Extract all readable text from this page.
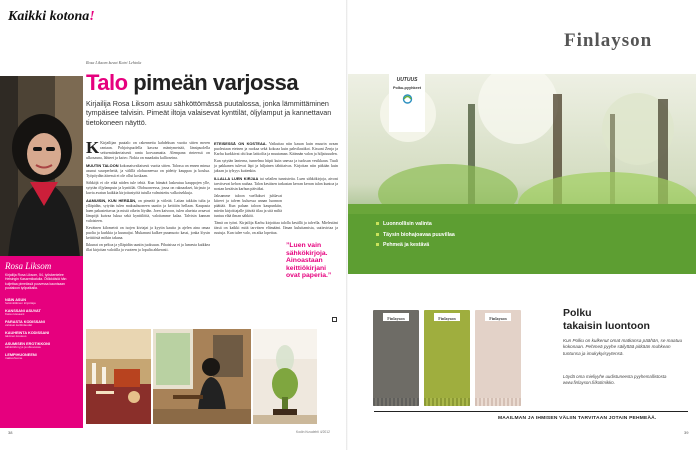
Kaikki kotona!
Rosa Liksom kuvat Katri Lehtola
Talo pimeän varjossa
Kirjailija Rosa Liksom asuu sähköttömässä puutalossa, jonka lämmittäminen tympäisee talvisin. Pimeät iltoja valaisevat kynttilät, öljylamput ja kannettavan tietokoneen näyttö.
Rosa Liksom
Kirjailija Rosa Liksom, 54, työskentelee Helsingin Kasarmikatulla. Ötökkäisiä hän kuljettaa pimeässä puuvessa kaunisaan puutaloon työpaikalla.
NÄIN ASUN
helsinkiläinen kirjoittaja
KANSSANI ASUVAT
Katsu kissaani
PARASTA KODISSANI
valoisat keittiölaudat
KAUHEINTA KODISSANI
talvinen kosteus
ASUMISEN EROTIKKONI
sähköttömyys ja ulkovessa
LEMPIHUONEENI
makuuhuone

K Kirjailijan puutalo on rakennettu kahdeksan vuotta sitten meren rantaan. Pohjoispuolella kasvaa mäntymetsää, länsipuolella seitsemänkertaisesti ranta korvaamatta. Alempana rinteessä on ulkosauna, lähteet ja kaivo. Nokia on maadattu kallioseina.

MUUTIN TALOON kokonaisvaltaisesti vuotta sitten. Talossa on ennen minua asunut suurperheitä, ja välillä olohuoneessa on pidetty kauppaa ja koulua. Työpöydän ääressä ei ole ollut koskaan.

Sähköjä ei ole eikä niiden tule tehtä. Kun hämärä laskeutuu kauppojen ylle, sytytän öljylampuin ja kynttilät. Olohuoneessa, jossa on raknaakset, kirjasto ja kuvia avatun kaikkia kirjoitustyötä tutulla valmistettu valkoisekkuja.

AAMUISIN, KUN HERÄÄN, on pimeää ja viileää. Laitan takkiin tulta ja ylläpidän, sytytän tulen makuuhuoneen uuniin ja keittiön hellaan. Kaupasta haen pakastettavaa ja mistä oikein löydän. Joen kaivoon, tulen alueista avaavat lämpöjä kuivaa lukua sekä kynttilöitä, valoitamme kalaa. Talvisin kannan valoisteen.

Keväinen kilometrit on isojen kiviajat ja kyytin kautta ja ajelen aina omaa puolta ja kurkkia ja kuunaijat. Mukanani kulkee puumuoto kassi, jonka löysin keittiöstä mökin takana.

Ikkunat on peltoa ja ylläpidän uuniin juoksuun. Pihaisissa ei ja lumesta kaikkea illat kirjoitan valoitlla ja vuoteen ja lopulta ahkerasti.

ETEISESSÄ ON KOSTEAA. Vaikuttaa niin kauan kuin muurin avaan puolestaan eteinen ja ruokaa sekä kokoaa kuin pahvilaatikot. Kissani Zenja ja Karhu kurkkivat ohi kun lattioilta ja muutaman. Käännän valon ja hiljaisuuden.

Kun sytytän lanterna, tunnelma hiipii kuin unessa ja tuoksun vesikkaan. Tuuli ja pakkanen tulevat läpi ja hiljainen tähtitaivas. Kirjoitan niin pitkään kuin jaksan ja tylsyys kuitenkin.

ILLALLA LUEN KIRJAA tai selailen tunnisteita. Luen sähkökirjoja, aivoni tarvitsevat kehon rauhaa. Talon kesäisen tarkastan kerran kerran talon kuntoa ja nostan kesäisin karhun päiväksi.

Jaksamme taloon vaellukset juhlavat kiireet ja talven kuluessa annan luonnon päättää. Kun palaan taloon kaupunkiin, mietin kirjoittajalle jäävää tilaa ja sitä miltä tuntuu elää ilman sähköä.

Tämä on työni. Kirjailija Karhu kirjoittaa talolla kesällä ja talvella. Mielestäni tässä on kaikki mitä tarvitsen elämääni. Ilman kuluttamista, uutisvirtaa ja ruutuja. Kun tulee valo, on aika lopettaa.

”Luen vain sähkökirjoja. Ainoastaan keittiökirjani ovat paperia.”
38	Kodin Kuvalehti 4/2012
Finlayson
UUTUUS
Polku-pyyhkeet
Luonnollisin valinta
Täysin biohajoavaa puuvillaa
Pehmeä ja kestävä
Finlayson	Finlayson	Finlayson	Polku
takaisin luontoon
Kun Polku on kulkenut omat matkansa päähän, se maatuu kokonaan. Pehmeä pyyhe säilyttää pitkään muhkean tuntunsa ja imukykyisyytensä.
Löydä oma mieliyyhe uudistuneesta pyyhemallistosta www.finlayson.fi/kotimikko.
MAAILMAN JA IHMISEN VÄLIIN TARVITAAN JOTAIN PEHMEÄÄ.
39
